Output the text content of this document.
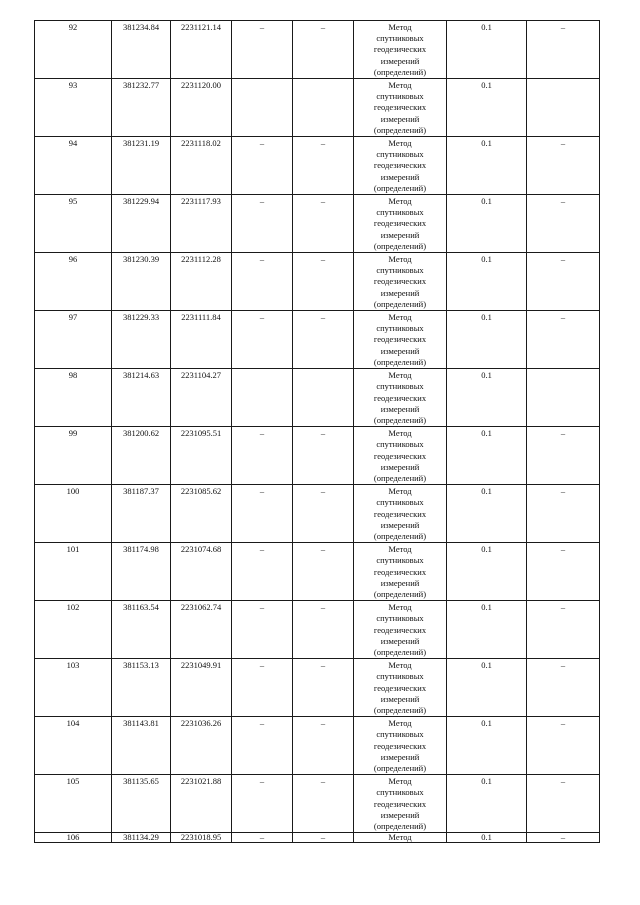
92	381234.84	2231121.14	–	–	Метод
спутниковых
геодезических
измерений
(определений)	0.1	–
93	381232.77	2231120.00			Метод
спутниковых
геодезических
измерений
(определений)	0.1	
94	381231.19	2231118.02	–	–	Метод
спутниковых
геодезических
измерений
(определений)	0.1	–
95	381229.94	2231117.93	–	–	Метод
спутниковых
геодезических
измерений
(определений)	0.1	–
96	381230.39	2231112.28	–	–	Метод
спутниковых
геодезических
измерений
(определений)	0.1	–
97	381229.33	2231111.84	–	–	Метод
спутниковых
геодезических
измерений
(определений)	0.1	–
98	381214.63	2231104.27			Метод
спутниковых
геодезических
измерений
(определений)	0.1	
99	381200.62	2231095.51	–	–	Метод
спутниковых
геодезических
измерений
(определений)	0.1	–
100	381187.37	2231085.62	–	–	Метод
спутниковых
геодезических
измерений
(определений)	0.1	–
101	381174.98	2231074.68	–	–	Метод
спутниковых
геодезических
измерений
(определений)	0.1	–
102	381163.54	2231062.74	–	–	Метод
спутниковых
геодезических
измерений
(определений)	0.1	–
103	381153.13	2231049.91	–	–	Метод
спутниковых
геодезических
измерений
(определений)	0.1	–
104	381143.81	2231036.26	–	–	Метод
спутниковых
геодезических
измерений
(определений)	0.1	–
105	381135.65	2231021.88	–	–	Метод
спутниковых
геодезических
измерений
(определений)	0.1	–
106	381134.29	2231018.95	–	–	Метод	0.1	–
